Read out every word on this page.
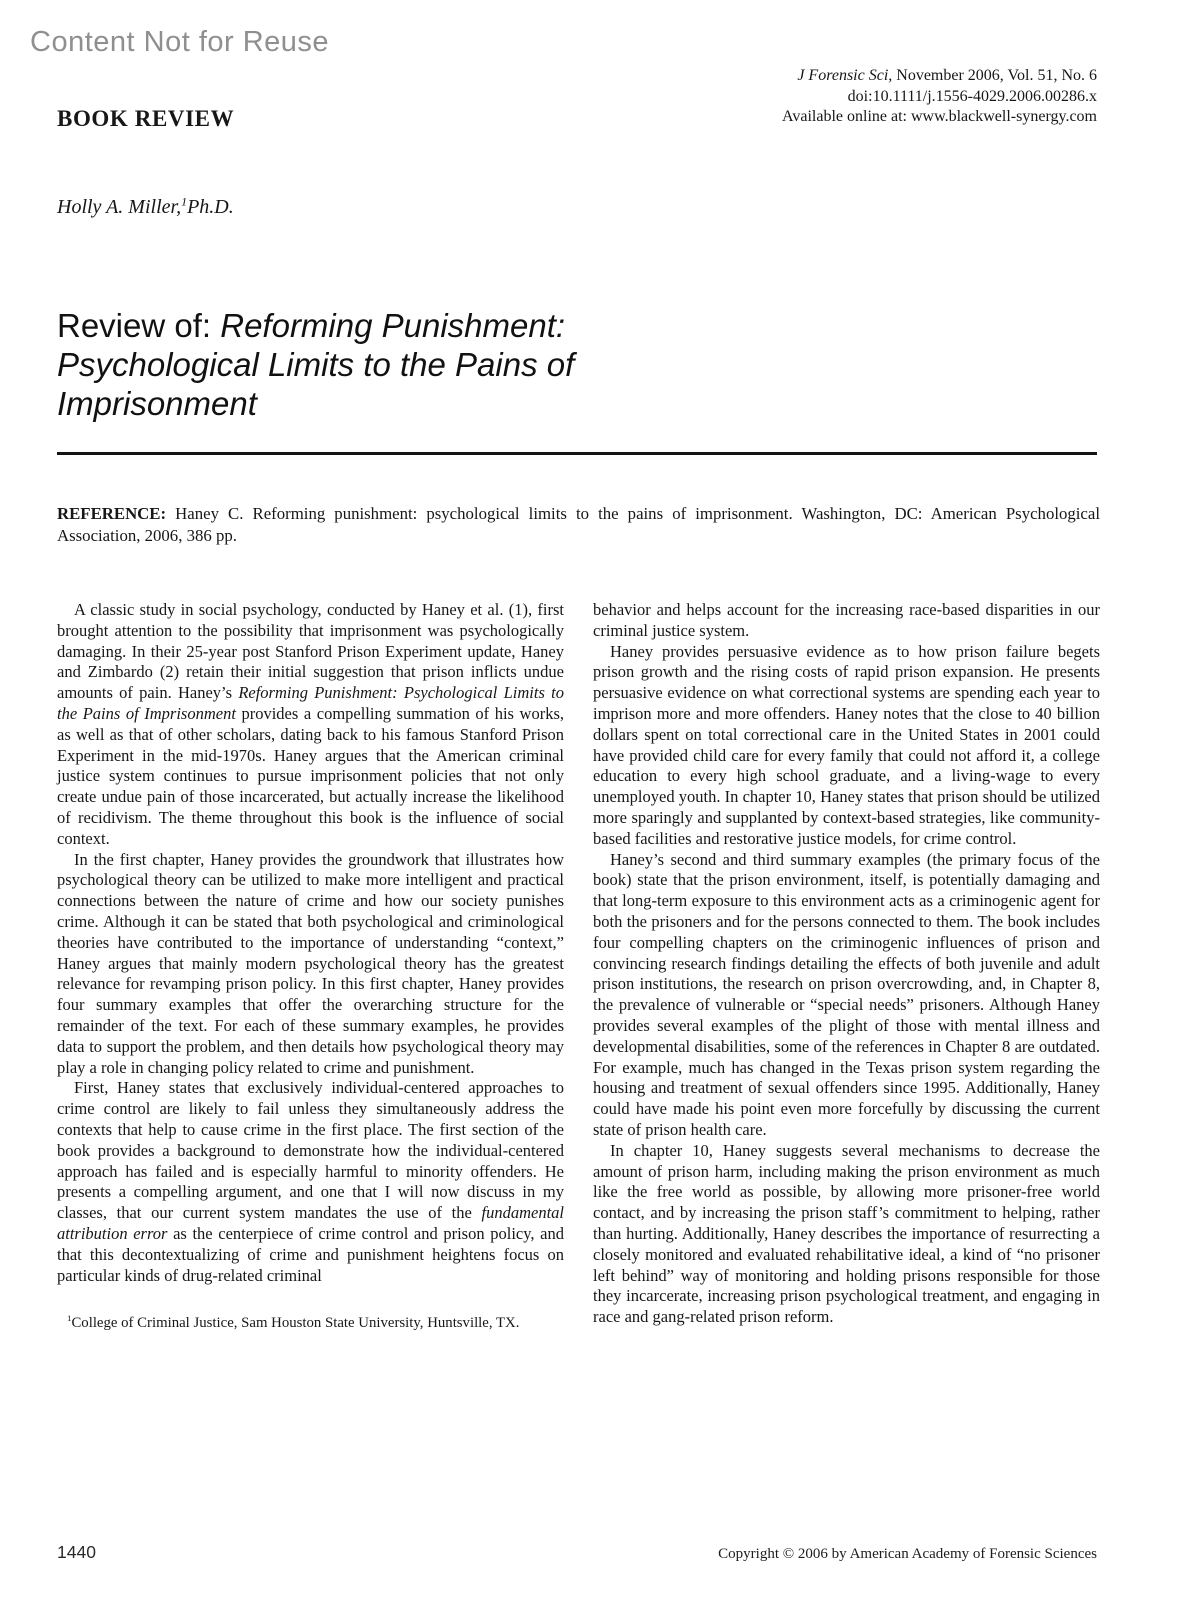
Content Not for Reuse
J Forensic Sci, November 2006, Vol. 51, No. 6
doi:10.1111/j.1556-4029.2006.00286.x
Available online at: www.blackwell-synergy.com
BOOK REVIEW
Holly A. Miller,$^1$Ph.D.
Review of: Reforming Punishment:
Psychological Limits to the Pains of
Imprisonment
REFERENCE: Haney C. Reforming punishment: psychological limits to the pains of imprisonment. Washington, DC: American Psychological Association, 2006, 386 pp.

A classic study in social psychology, conducted by Haney et al. (1), first brought attention to the possibility that imprisonment was psychologically damaging. In their 25-year post Stanford Prison Experiment update, Haney and Zimbardo (2) retain their initial suggestion that prison inflicts undue amounts of pain. Haney’s Reforming Punishment: Psychological Limits to the Pains of Imprisonment provides a compelling summation of his works, as well as that of other scholars, dating back to his famous Stanford Prison Experiment in the mid-1970s. Haney argues that the American criminal justice system continues to pursue imprisonment policies that not only create undue pain of those incarcerated, but actually increase the likelihood of recidivism. The theme throughout this book is the influence of social context.

In the first chapter, Haney provides the groundwork that illustrates how psychological theory can be utilized to make more intelligent and practical connections between the nature of crime and how our society punishes crime. Although it can be stated that both psychological and criminological theories have contributed to the importance of understanding “context,” Haney argues that mainly modern psychological theory has the greatest relevance for revamping prison policy. In this first chapter, Haney provides four summary examples that offer the overarching structure for the remainder of the text. For each of these summary examples, he provides data to support the problem, and then details how psychological theory may play a role in changing policy related to crime and punishment.

First, Haney states that exclusively individual-centered approaches to crime control are likely to fail unless they simultaneously address the contexts that help to cause crime in the first place. The first section of the book provides a background to demonstrate how the individual-centered approach has failed and is especially harmful to minority offenders. He presents a compelling argument, and one that I will now discuss in my classes, that our current system mandates the use of the fundamental attribution error as the centerpiece of crime control and prison policy, and that this decontextualizing of crime and punishment heightens focus on particular kinds of drug-related criminal

$^1$College of Criminal Justice, Sam Houston State University, Huntsville, TX.

behavior and helps account for the increasing race-based disparities in our criminal justice system.

Haney provides persuasive evidence as to how prison failure begets prison growth and the rising costs of rapid prison expansion. He presents persuasive evidence on what correctional systems are spending each year to imprison more and more offenders. Haney notes that the close to 40 billion dollars spent on total correctional care in the United States in 2001 could have provided child care for every family that could not afford it, a college education to every high school graduate, and a living-wage to every unemployed youth. In chapter 10, Haney states that prison should be utilized more sparingly and supplanted by context-based strategies, like community-based facilities and restorative justice models, for crime control.

Haney’s second and third summary examples (the primary focus of the book) state that the prison environment, itself, is potentially damaging and that long-term exposure to this environment acts as a criminogenic agent for both the prisoners and for the persons connected to them. The book includes four compelling chapters on the criminogenic influences of prison and convincing research findings detailing the effects of both juvenile and adult prison institutions, the research on prison overcrowding, and, in Chapter 8, the prevalence of vulnerable or “special needs” prisoners. Although Haney provides several examples of the plight of those with mental illness and developmental disabilities, some of the references in Chapter 8 are outdated. For example, much has changed in the Texas prison system regarding the housing and treatment of sexual offenders since 1995. Additionally, Haney could have made his point even more forcefully by discussing the current state of prison health care.

In chapter 10, Haney suggests several mechanisms to decrease the amount of prison harm, including making the prison environment as much like the free world as possible, by allowing more prisoner-free world contact, and by increasing the prison staff’s commitment to helping, rather than hurting. Additionally, Haney describes the importance of resurrecting a closely monitored and evaluated rehabilitative ideal, a kind of “no prisoner left behind” way of monitoring and holding prisons responsible for those they incarcerate, increasing prison psychological treatment, and engaging in race and gang-related prison reform.

1440	Copyright © 2006 by American Academy of Forensic Sciences
